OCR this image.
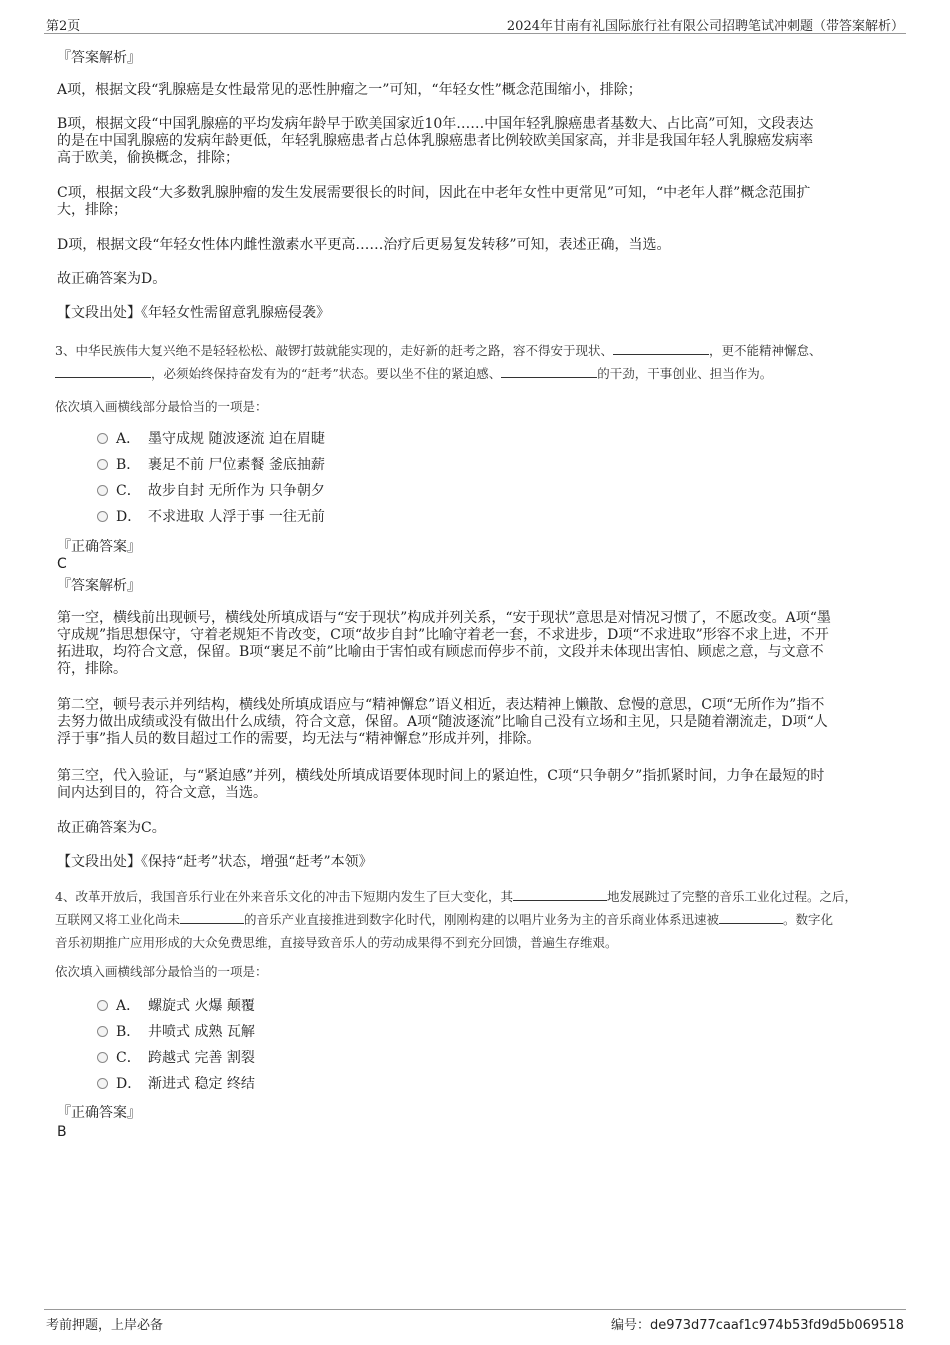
第2页	2024年甘南有礼国际旅行社有限公司招聘笔试冲刺题（带答案解析）
『答案解析』
A项，根据文段“乳腺癌是女性最常见的恶性肿瘤之一”可知，“年轻女性”概念范围缩小，排除；
B项，根据文段“中国乳腺癌的平均发病年龄早于欧美国家近10年……中国年轻乳腺癌患者基数大、占比高”可知，文段表达
的是在中国乳腺癌的发病年龄更低，年轻乳腺癌患者占总体乳腺癌患者比例较欧美国家高，并非是我国年轻人乳腺癌发病率
高于欧美，偷换概念，排除；
C项，根据文段“大多数乳腺肿瘤的发生发展需要很长的时间，因此在中老年女性中更常见”可知，“中老年人群”概念范围扩
大，排除；
D项，根据文段“年轻女性体内雌性激素水平更高……治疗后更易复发转移”可知，表述正确，当选。
故正确答案为D。
【文段出处】《年轻女性需留意乳腺癌侵袭》
3、中华民族伟大复兴绝不是轻轻松松、敲锣打鼓就能实现的，走好新的赶考之路，容不得安于现状、	，更不能精神懈怠、
，必须始终保持奋发有为的“赶考”状态。要以坐不住的紧迫感、	的干劲，干事创业、担当作为。
依次填入画横线部分最恰当的一项是：
A． 墨守成规 随波逐流 迫在眉睫
B． 裹足不前 尸位素餐 釜底抽薪
C． 故步自封 无所作为 只争朝夕
D． 不求进取 人浮于事 一往无前
『正确答案』
C
『答案解析』
第一空，横线前出现顿号，横线处所填成语与“安于现状”构成并列关系，“安于现状”意思是对情况习惯了，不愿改变。A项“墨
守成规”指思想保守，守着老规矩不肯改变，C项“故步自封”比喻守着老一套，不求进步，D项“不求进取”形容不求上进，不开
拓进取，均符合文意，保留。B项“裹足不前”比喻由于害怕或有顾虑而停步不前，文段并未体现出害怕、顾虑之意，与文意不
符，排除。
第二空，顿号表示并列结构，横线处所填成语应与“精神懈怠”语义相近，表达精神上懒散、怠慢的意思，C项“无所作为”指不
去努力做出成绩或没有做出什么成绩，符合文意，保留。A项“随波逐流”比喻自己没有立场和主见，只是随着潮流走，D项“人
浮于事”指人员的数目超过工作的需要，均无法与“精神懈怠”形成并列，排除。
第三空，代入验证，与“紧迫感”并列，横线处所填成语要体现时间上的紧迫性，C项“只争朝夕”指抓紧时间，力争在最短的时
间内达到目的，符合文意，当选。
故正确答案为C。
【文段出处】《保持“赶考”状态，增强“赶考”本领》
4、改革开放后，我国音乐行业在外来音乐文化的冲击下短期内发生了巨大变化，其	地发展跳过了完整的音乐工业化过程。之后，
互联网又将工业化尚未	的音乐产业直接推进到数字化时代，刚刚构建的以唱片业务为主的音乐商业体系迅速被	。数字化
音乐初期推广应用形成的大众免费思维，直接导致音乐人的劳动成果得不到充分回馈，普遍生存维艰。
依次填入画横线部分最恰当的一项是：
A． 螺旋式 火爆 颠覆
B． 井喷式 成熟 瓦解
C． 跨越式 完善 割裂
D． 渐进式 稳定 终结
『正确答案』
B
考前押题，上岸必备	编号：de973d77caaf1c974b53fd9d5b069518
